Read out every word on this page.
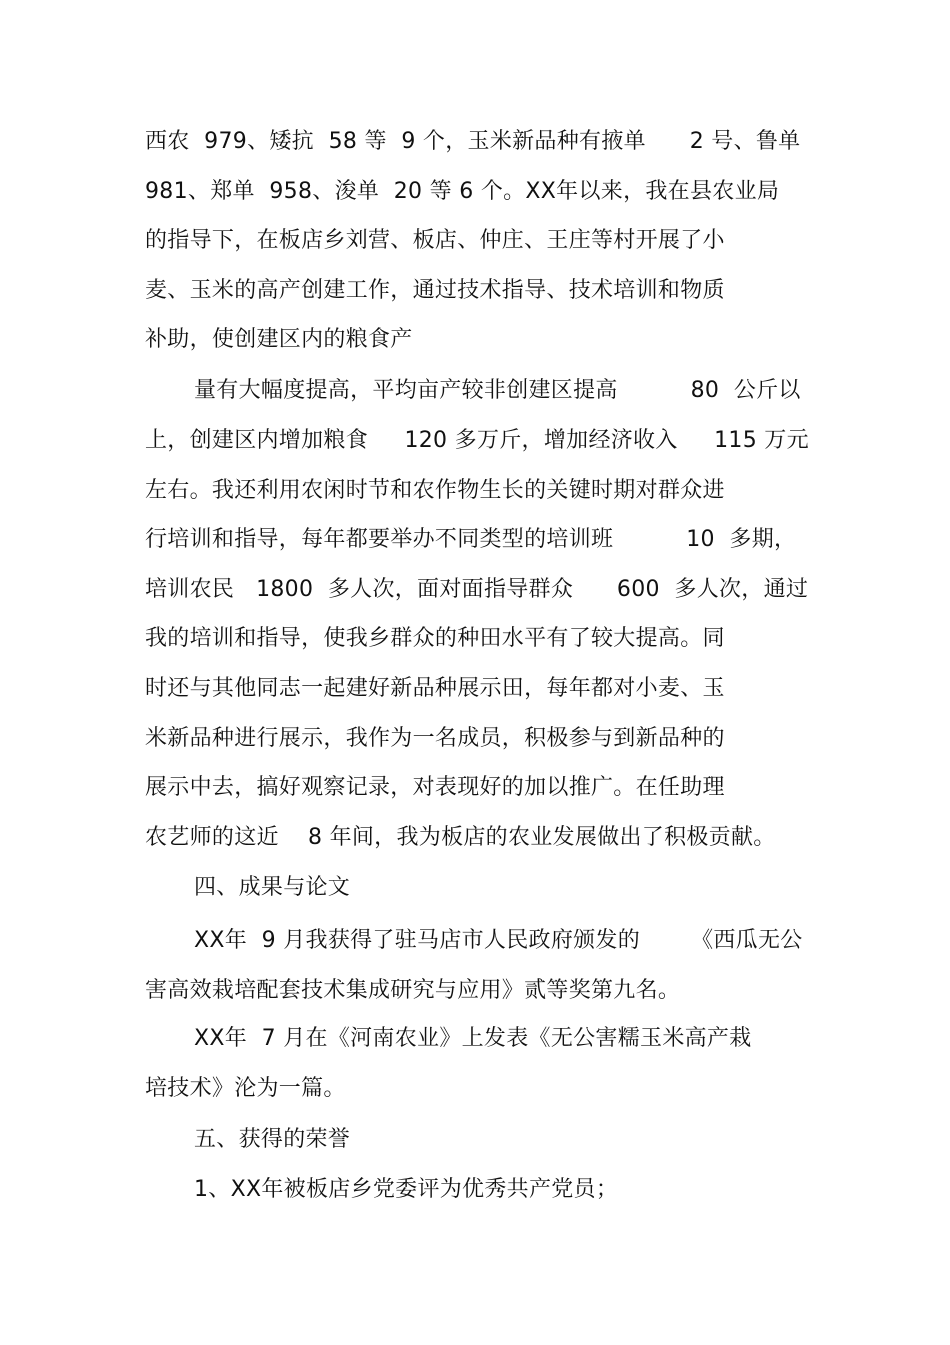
西农  979、矮抗  58 等  9 个，玉米新品种有掖单      2 号、鲁单
981、郑单  958、浚单  20 等 6 个。XX年以来，我在县农业局
的指导下，在板店乡刘营、板店、仲庄、王庄等村开展了小
麦、玉米的高产创建工作，通过技术指导、技术培训和物质
补助，使创建区内的粮食产
量有大幅度提高，平均亩产较非创建区提高          80  公斤以
上，创建区内增加粮食     120 多万斤，增加经济收入     115 万元
左右。我还利用农闲时节和农作物生长的关键时期对群众进
行培训和指导，每年都要举办不同类型的培训班          10  多期，
培训农民   1800  多人次，面对面指导群众      600  多人次，通过
我的培训和指导，使我乡群众的种田水平有了较大提高。同
时还与其他同志一起建好新品种展示田，每年都对小麦、玉
米新品种进行展示，我作为一名成员，积极参与到新品种的
展示中去，搞好观察记录，对表现好的加以推广。在任助理
农艺师的这近    8 年间，我为板店的农业发展做出了积极贡献。
四、成果与论文
XX年  9 月我获得了驻马店市人民政府颁发的       《西瓜无公
害高效栽培配套技术集成研究与应用》贰等奖第九名。
XX年  7 月在《河南农业》上发表《无公害糯玉米高产栽
培技术》沦为一篇。
五、获得的荣誉
1、XX年被板店乡党委评为优秀共产党员；
